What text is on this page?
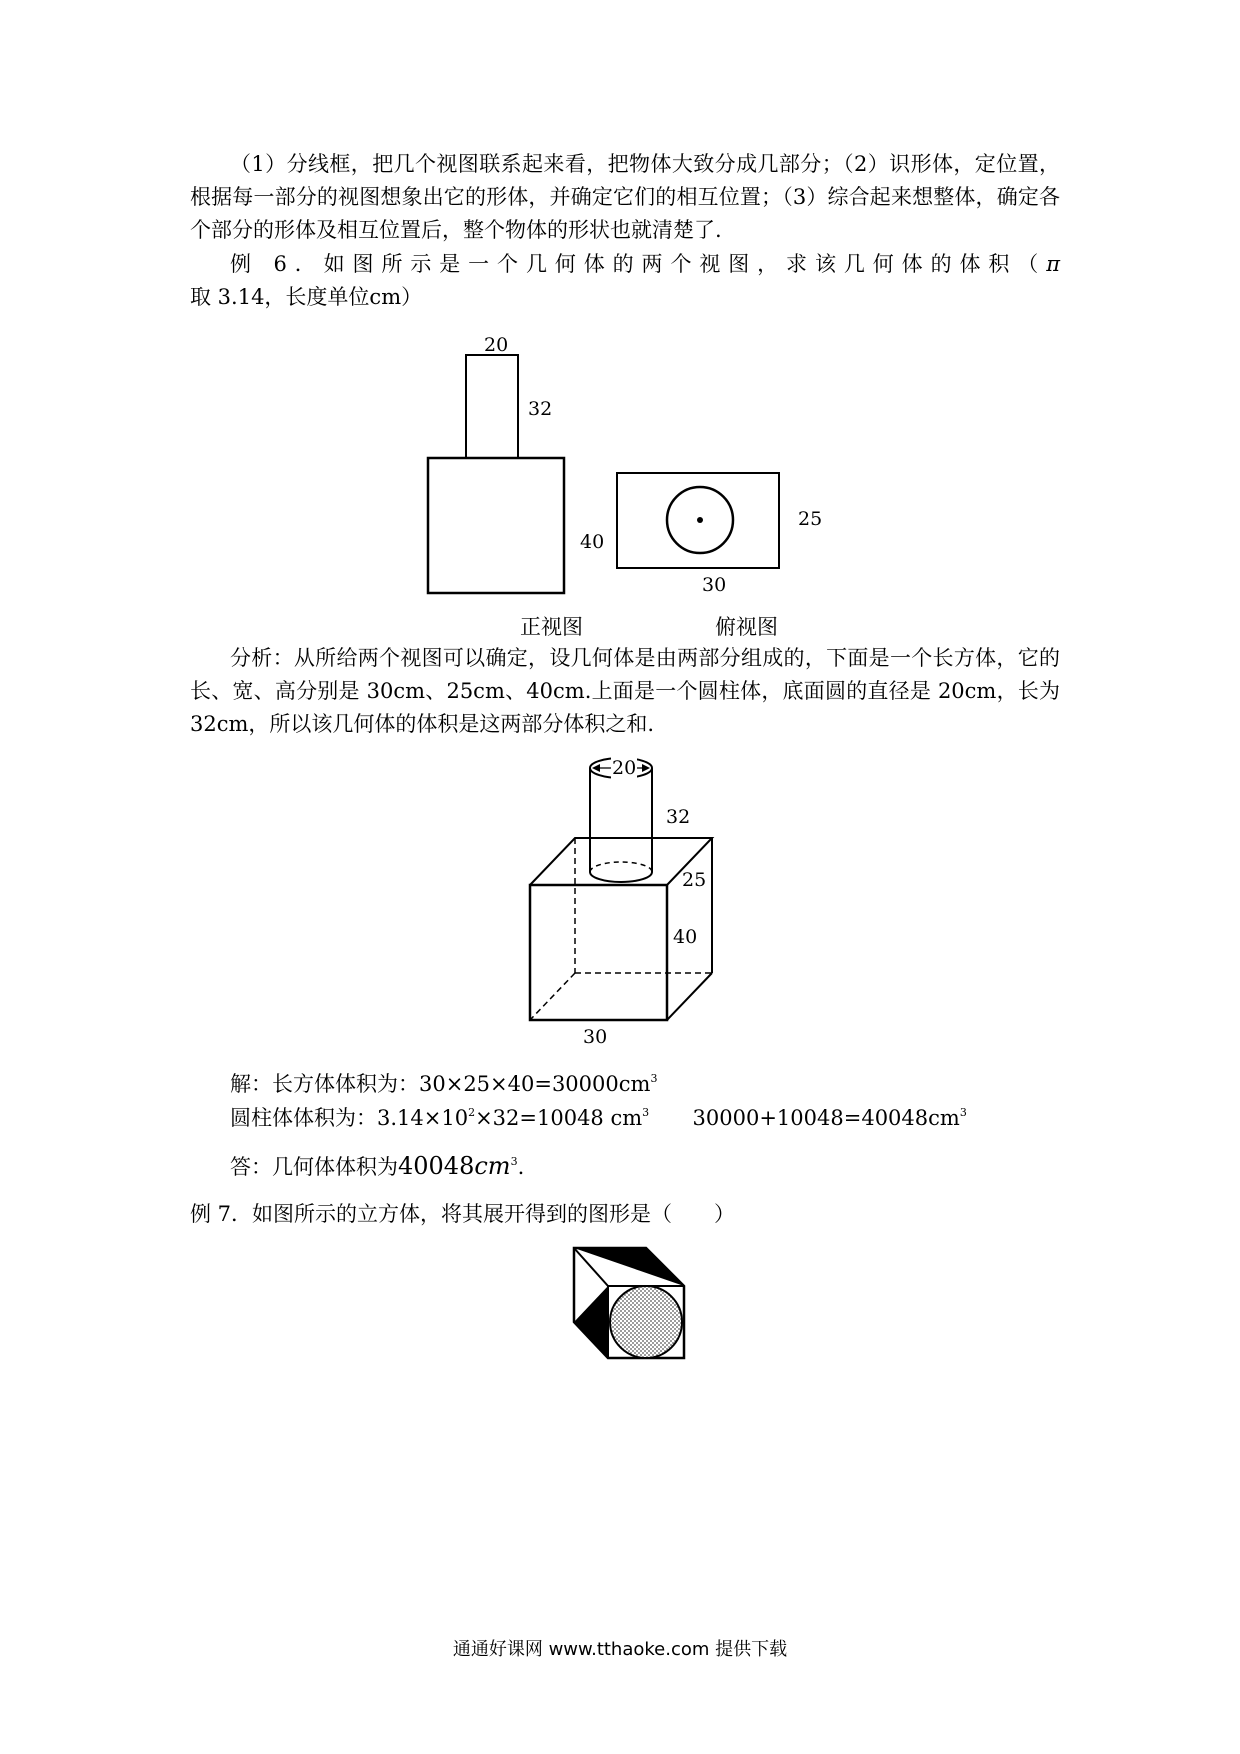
（1）分线框，把几个视图联系起来看，把物体大致分成几部分；（2）识形体，定位置，根据每一部分的视图想象出它的形体，并确定它们的相互位置；（3）综合起来想整体，确定各个部分的形体及相互位置后，整个物体的形状也就清楚了.
例 6．如图所示是一个几何体的两个视图，求该几何体的体积（π取 3.14，长度单位cm）
20
32
40
正视图
25
30
俯视图
分析：从所给两个视图可以确定，设几何体是由两部分组成的，下面是一个长方体，它的长、宽、高分别是 30cm、25cm、40cm.上面是一个圆柱体，底面圆的直径是 20cm，长为32cm，所以该几何体的体积是这两部分体积之和.
20
32
25
40
30
解：长方体体积为：$30\times 25\times 40=30000cm^3$
圆柱体体积为：$3.14\times 10^2\times 32=10048$ $cm^3$ $30000+10048=40048cm^3$
答：几何体体积为$40048cm^3$.
例 7．如图所示的立方体，将其展开得到的图形是（　　）
通通好课网 www.tthaoke.com 提供下载
